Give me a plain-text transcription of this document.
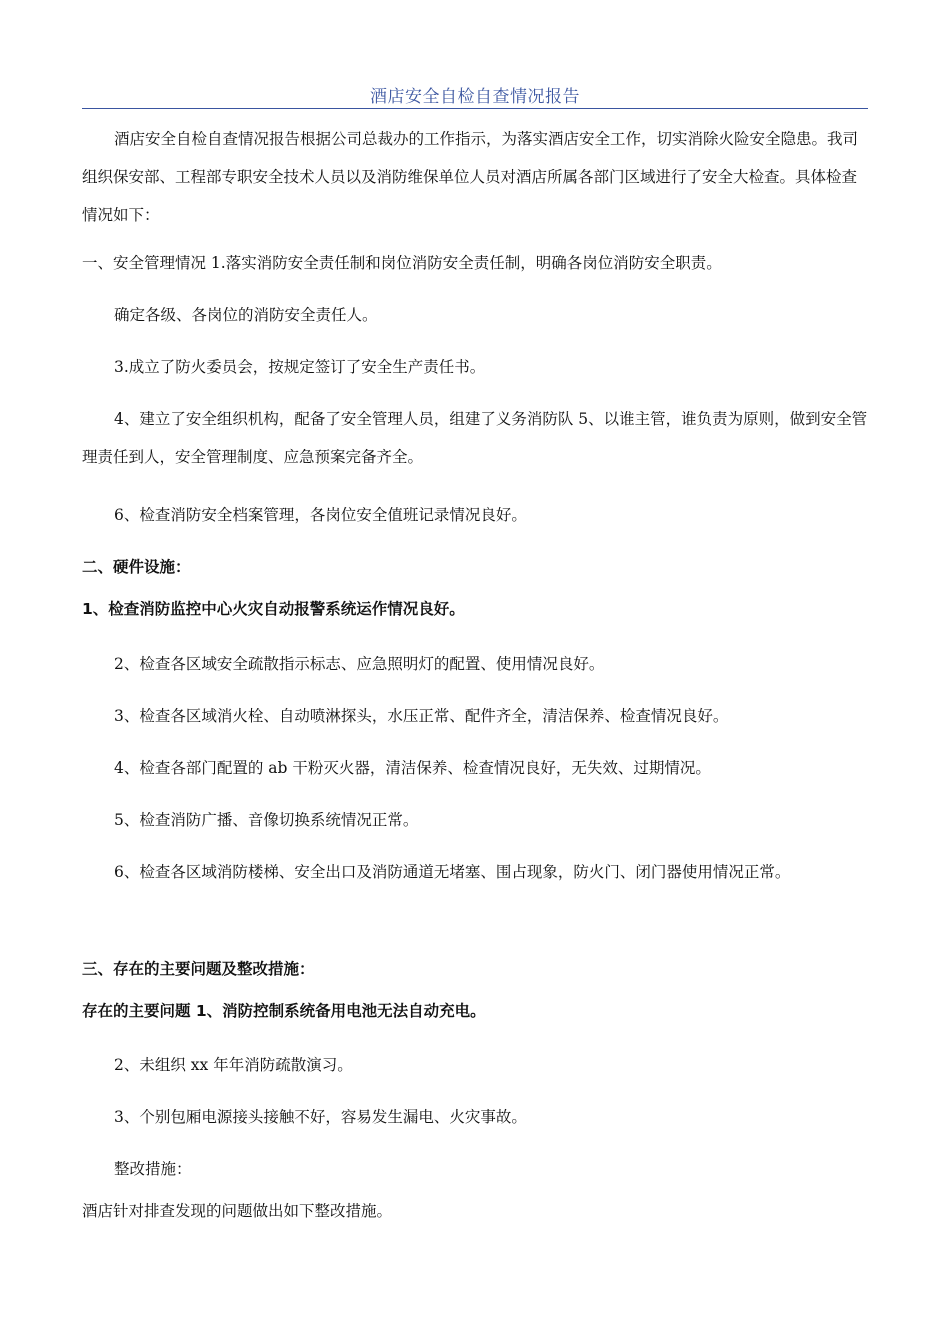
酒店安全自检自查情况报告

酒店安全自检自查情况报告根据公司总裁办的工作指示，为落实酒店安全工作，切实消除火险安全隐患。我司组织保安部、工程部专职安全技术人员以及消防维保单位人员对酒店所属各部门区域进行了安全大检查。具体检查情况如下：

一、安全管理情况 1.落实消防安全责任制和岗位消防安全责任制，明确各岗位消防安全职责。

确定各级、各岗位的消防安全责任人。

3.成立了防火委员会，按规定签订了安全生产责任书。

4、建立了安全组织机构，配备了安全管理人员，组建了义务消防队 5、以谁主管，谁负责为原则，做到安全管理责任到人，安全管理制度、应急预案完备齐全。

6、检查消防安全档案管理，各岗位安全值班记录情况良好。

二、硬件设施：

1、检查消防监控中心火灾自动报警系统运作情况良好。

2、检查各区域安全疏散指示标志、应急照明灯的配置、使用情况良好。

3、检查各区域消火栓、自动喷淋探头，水压正常、配件齐全，清洁保养、检查情况良好。

4、检查各部门配置的 ab 干粉灭火器，清洁保养、检查情况良好，无失效、过期情况。

5、检查消防广播、音像切换系统情况正常。

6、检查各区域消防楼梯、安全出口及消防通道无堵塞、围占现象，防火门、闭门器使用情况正常。

三、存在的主要问题及整改措施：

存在的主要问题 1、消防控制系统备用电池无法自动充电。

2、未组织 xx 年年消防疏散演习。

3、个别包厢电源接头接触不好，容易发生漏电、火灾事故。

整改措施：

酒店针对排查发现的问题做出如下整改措施。
